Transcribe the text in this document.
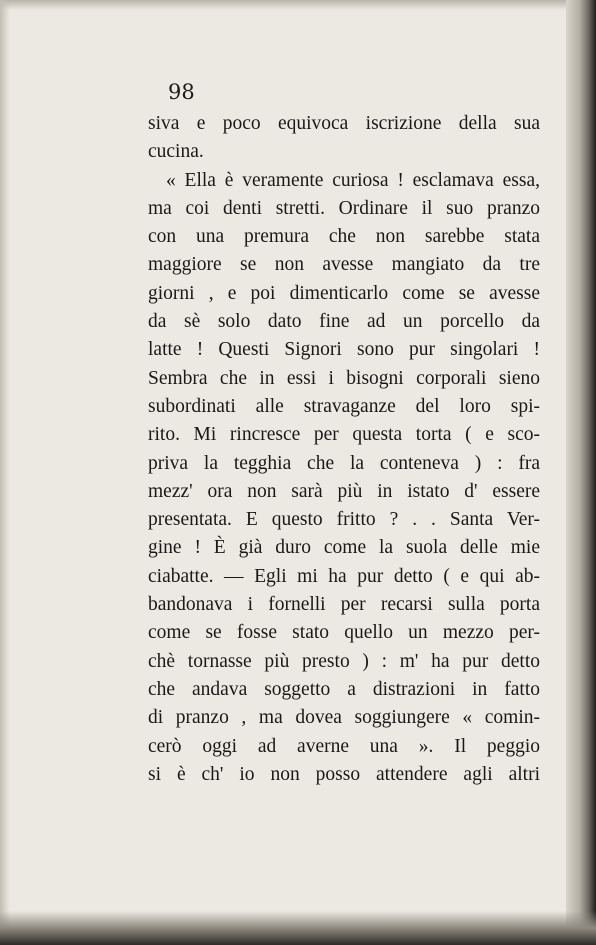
98
siva e poco equivoca iscrizione della sua
cucina.
« Ella è veramente curiosa ! esclamava essa,
ma coi denti stretti. Ordinare il suo pranzo
con una premura che non sarebbe stata
maggiore se non avesse mangiato da tre
giorni , e poi dimenticarlo come se avesse
da sè solo dato fine ad un porcello da
latte ! Questi Signori sono pur singolari !
Sembra che in essi i bisogni corporali sieno
subordinati alle stravaganze del loro spi-
rito. Mi rincresce per questa torta ( e sco-
priva la tegghia che la conteneva ) : fra
mezz' ora non sarà più in istato d' essere
presentata. E questo fritto ? . . Santa Ver-
gine ! È già duro come la suola delle mie
ciabatte. — Egli mi ha pur detto ( e qui ab-
bandonava i fornelli per recarsi sulla porta
come se fosse stato quello un mezzo per-
chè tornasse più presto ) : m' ha pur detto
che andava soggetto a distrazioni in fatto
di pranzo , ma dovea soggiungere « comin-
cerò oggi ad averne una ». Il peggio
si è ch' io non posso attendere agli altri
